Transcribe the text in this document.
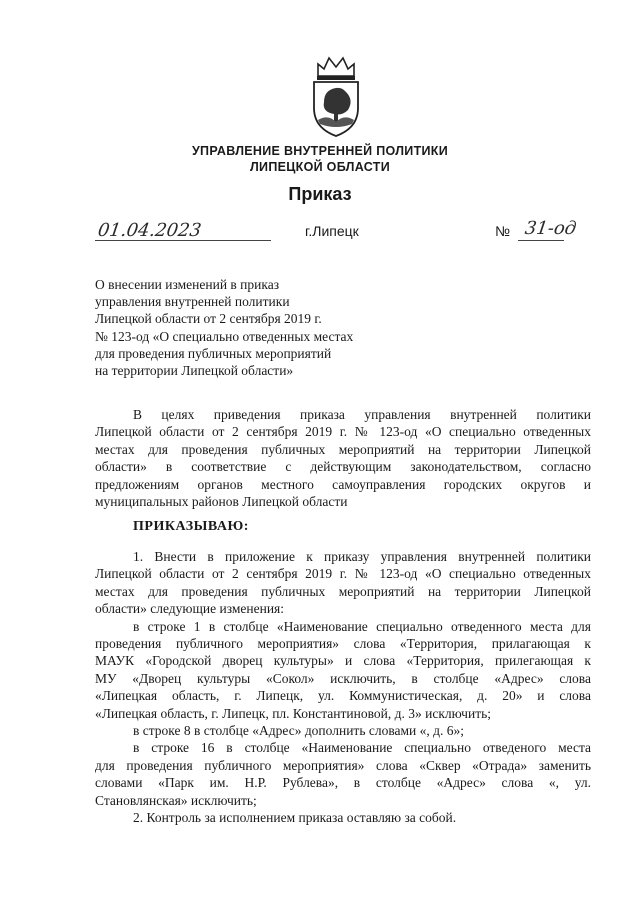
УПРАВЛЕНИЕ ВНУТРЕННЕЙ ПОЛИТИКИ
ЛИПЕЦКОЙ ОБЛАСТИ
Приказ
01.04.2023	г.Липецк	№ 31-од
О внесении изменений в приказ
управления внутренней политики
Липецкой области от 2 сентября 2019 г.
№ 123-од «О специально отведенных местах
для проведения публичных мероприятий
на территории Липецкой области»
В целях приведения приказа управления внутренней политики
Липецкой области от 2 сентября 2019 г. № 123-од «О специально отведенных
местах для проведения публичных мероприятий на территории Липецкой
области» в соответствие с действующим законодательством, согласно
предложениям органов местного самоуправления городских округов и
муниципальных районов Липецкой области
ПРИКАЗЫВАЮ:
1. Внести в приложение к приказу управления внутренней политики
Липецкой области от 2 сентября 2019 г. № 123-од «О специально отведенных
местах для проведения публичных мероприятий на территории Липецкой
области» следующие изменения:
в строке 1 в столбце «Наименование специально отведенного места для
проведения публичного мероприятия» слова «Территория, прилагающая к
МАУК «Городской дворец культуры» и слова «Территория, прилегающая к
МУ «Дворец культуры «Сокол» исключить, в столбце «Адрес» слова
«Липецкая область, г. Липецк, ул. Коммунистическая, д. 20» и слова
«Липецкая область, г. Липецк, пл. Константиновой, д. 3» исключить;
в строке 8 в столбце «Адрес» дополнить словами «, д. 6»;
в строке 16 в столбце «Наименование специально отведеного места
для проведения публичного мероприятия» слова «Сквер «Отрада» заменить
словами «Парк им. Н.Р. Рублева», в столбце «Адрес» слова «, ул.
Становлянская» исключить;
2. Контроль за исполнением приказа оставляю за собой.
